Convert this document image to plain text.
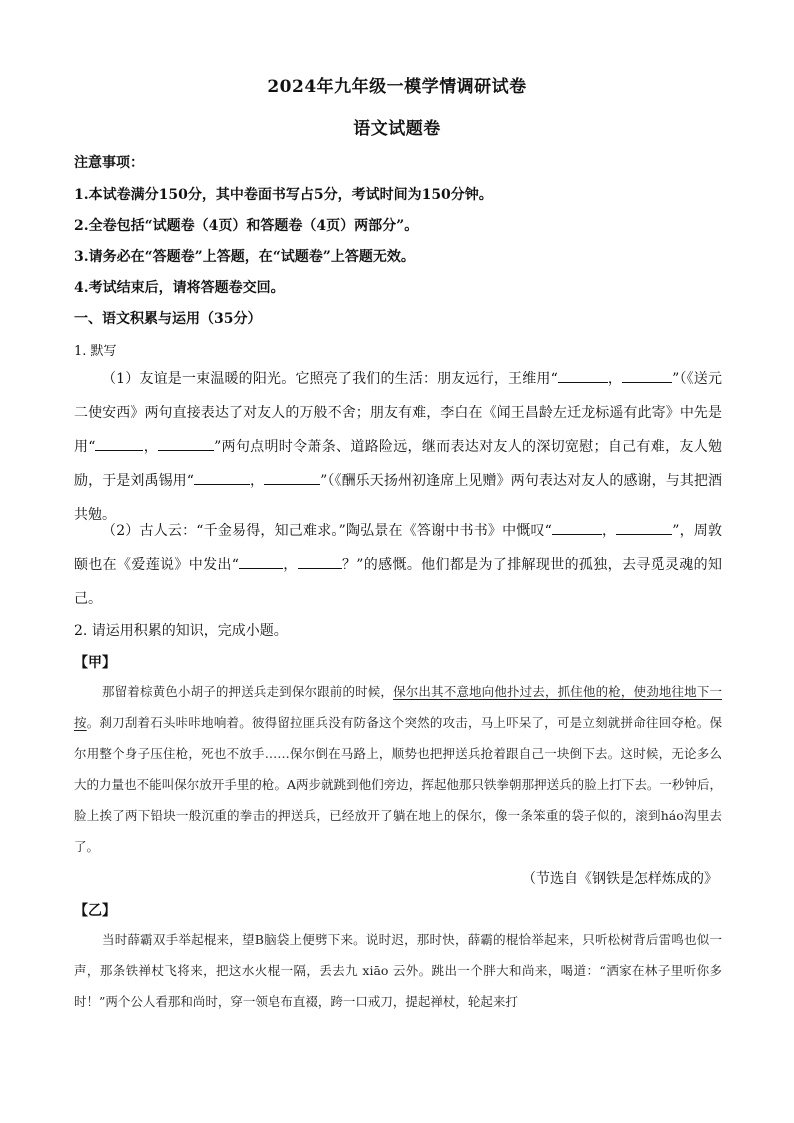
2024年九年级一模学情调研试卷
语文试题卷
注意事项：
1.本试卷满分150分，其中卷面书写占5分，考试时间为150分钟。
2.全卷包括“试题卷（4页）和答题卷（4页）两部分”。
3.请务必在“答题卷”上答题，在“试题卷”上答题无效。
4.考试结束后，请将答题卷交回。
一、语文积累与运用（35分）
1. 默写
（1）友谊是一束温暖的阳光。它照亮了我们的生活：朋友远行，王维用“	，	”（《送元二使安西》两句直接表达了对友人的万般不舍；朋友有难，李白在《闻王昌龄左迁龙标遥有此寄》中先是用“	，	”两句点明时令萧条、道路险远，继而表达对友人的深切宽慰；自己有难，友人勉励，于是刘禹锡用“	，	”（《酬乐天扬州初逢席上见赠》两句表达对友人的感谢，与其把酒共勉。
（2）古人云：“千金易得，知己难求。”陶弘景在《答谢中书书》中慨叹“	，	”，周敦颐也在《爱莲说》中发出“	，	？”的感慨。他们都是为了排解现世的孤独，去寻觅灵魂的知己。
2. 请运用积累的知识，完成小题。
【甲】
那留着棕黄色小胡子的押送兵走到保尔跟前的时候，保尔出其不意地向他扑过去，抓住他的枪，使劲地往地下一按。刹刀刮着石头咔咔地响着。彼得留拉匪兵没有防备这个突然的攻击，马上吓呆了，可是立刻就拼命往回夺枪。保尔用整个身子压住枪，死也不放手……保尔倒在马路上，顺势也把押送兵抢着跟自己一块倒下去。这时候，无论多么大的力量也不能叫保尔放开手里的枪。A两步就跳到他们旁边，挥起他那只铁拳朝那押送兵的脸上打下去。一秒钟后，脸上挨了两下铅块一般沉重的拳击的押送兵，已经放开了躺在地上的保尔，像一条笨重的袋子似的，滚到háo沟里去了。
（节选自《钢铁是怎样炼成的》
【乙】
当时薛霸双手举起棍来，望B脑袋上便劈下来。说时迟，那时快，薛霸的棍恰举起来，只听松树背后雷鸣也似一声，那条铁禅杖飞将来，把这水火棍一隔，丢去九 xiāo 云外。跳出一个胖大和尚来，喝道：“洒家在林子里听你多时！”两个公人看那和尚时，穿一领皂布直裰，跨一口戒刀，提起禅杖，轮起来打
